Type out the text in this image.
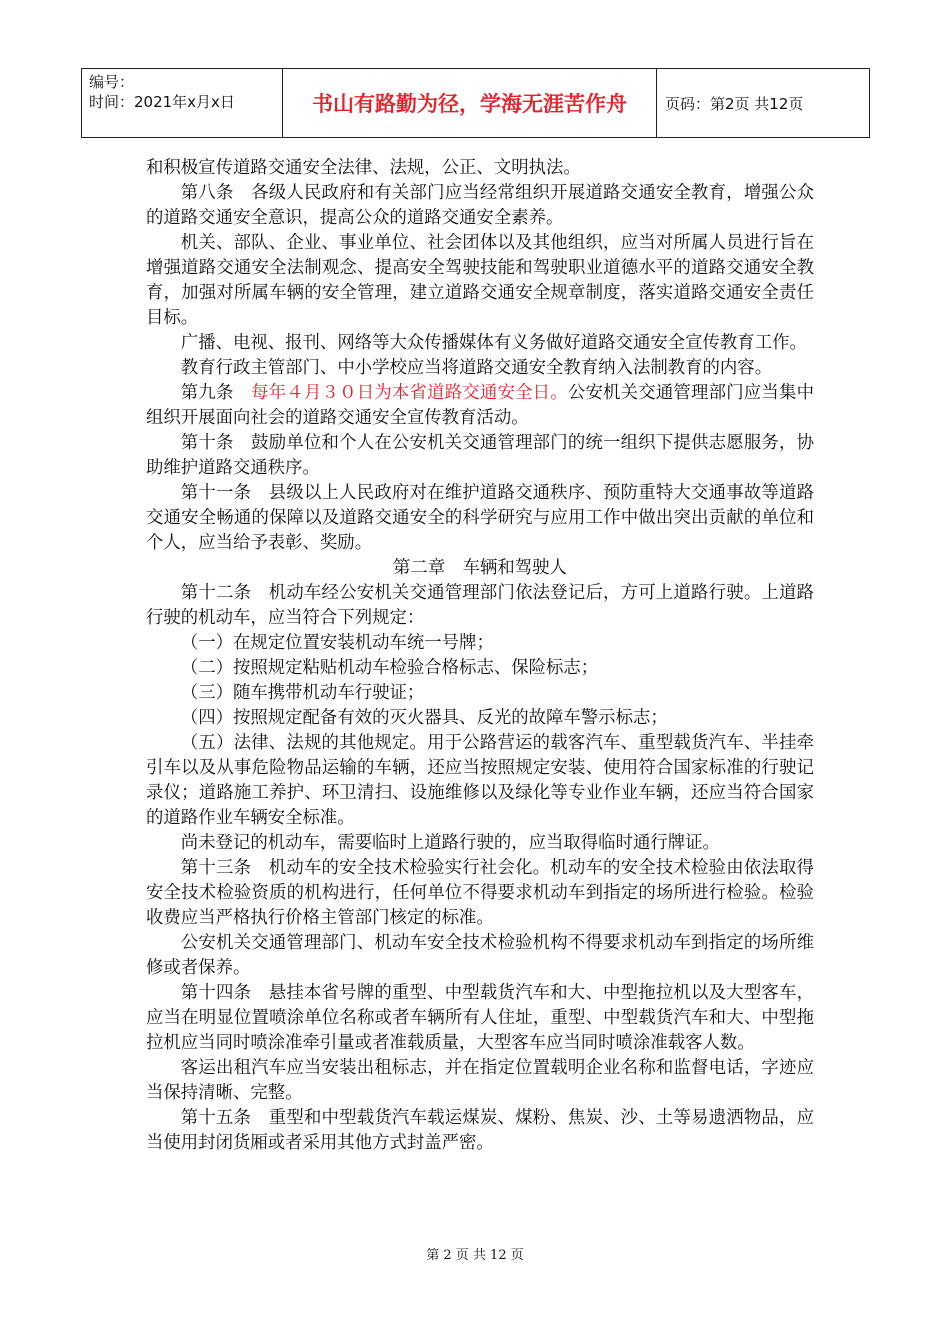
编号：
时间：2021年x月x日	书山有路勤为径，学海无涯苦作舟	页码：第2页 共12页

和积极宣传道路交通安全法律、法规，公正、文明执法。

第八条　各级人民政府和有关部门应当经常组织开展道路交通安全教育，增强公众的道路交通安全意识，提高公众的道路交通安全素养。

机关、部队、企业、事业单位、社会团体以及其他组织，应当对所属人员进行旨在增强道路交通安全法制观念、提高安全驾驶技能和驾驶职业道德水平的道路交通安全教育，加强对所属车辆的安全管理，建立道路交通安全规章制度，落实道路交通安全责任目标。

广播、电视、报刊、网络等大众传播媒体有义务做好道路交通安全宣传教育工作。

教育行政主管部门、中小学校应当将道路交通安全教育纳入法制教育的内容。

第九条　每年４月３０日为本省道路交通安全日。公安机关交通管理部门应当集中组织开展面向社会的道路交通安全宣传教育活动。

第十条　鼓励单位和个人在公安机关交通管理部门的统一组织下提供志愿服务，协助维护道路交通秩序。

第十一条　县级以上人民政府对在维护道路交通秩序、预防重特大交通事故等道路交通安全畅通的保障以及道路交通安全的科学研究与应用工作中做出突出贡献的单位和个人，应当给予表彰、奖励。

第二章　车辆和驾驶人

第十二条　机动车经公安机关交通管理部门依法登记后，方可上道路行驶。上道路行驶的机动车，应当符合下列规定：

（一）在规定位置安装机动车统一号牌；

（二）按照规定粘贴机动车检验合格标志、保险标志；

（三）随车携带机动车行驶证；

（四）按照规定配备有效的灭火器具、反光的故障车警示标志；

（五）法律、法规的其他规定。用于公路营运的载客汽车、重型载货汽车、半挂牵引车以及从事危险物品运输的车辆，还应当按照规定安装、使用符合国家标准的行驶记录仪；道路施工养护、环卫清扫、设施维修以及绿化等专业作业车辆，还应当符合国家的道路作业车辆安全标准。

尚未登记的机动车，需要临时上道路行驶的，应当取得临时通行牌证。

第十三条　机动车的安全技术检验实行社会化。机动车的安全技术检验由依法取得安全技术检验资质的机构进行，任何单位不得要求机动车到指定的场所进行检验。检验收费应当严格执行价格主管部门核定的标准。

公安机关交通管理部门、机动车安全技术检验机构不得要求机动车到指定的场所维修或者保养。

第十四条　悬挂本省号牌的重型、中型载货汽车和大、中型拖拉机以及大型客车，应当在明显位置喷涂单位名称或者车辆所有人住址，重型、中型载货汽车和大、中型拖拉机应当同时喷涂准牵引量或者准载质量，大型客车应当同时喷涂准载客人数。

客运出租汽车应当安装出租标志，并在指定位置载明企业名称和监督电话，字迹应当保持清晰、完整。

第十五条　重型和中型载货汽车载运煤炭、煤粉、焦炭、沙、土等易遗洒物品，应当使用封闭货厢或者采用其他方式封盖严密。

第 2 页 共 12 页
